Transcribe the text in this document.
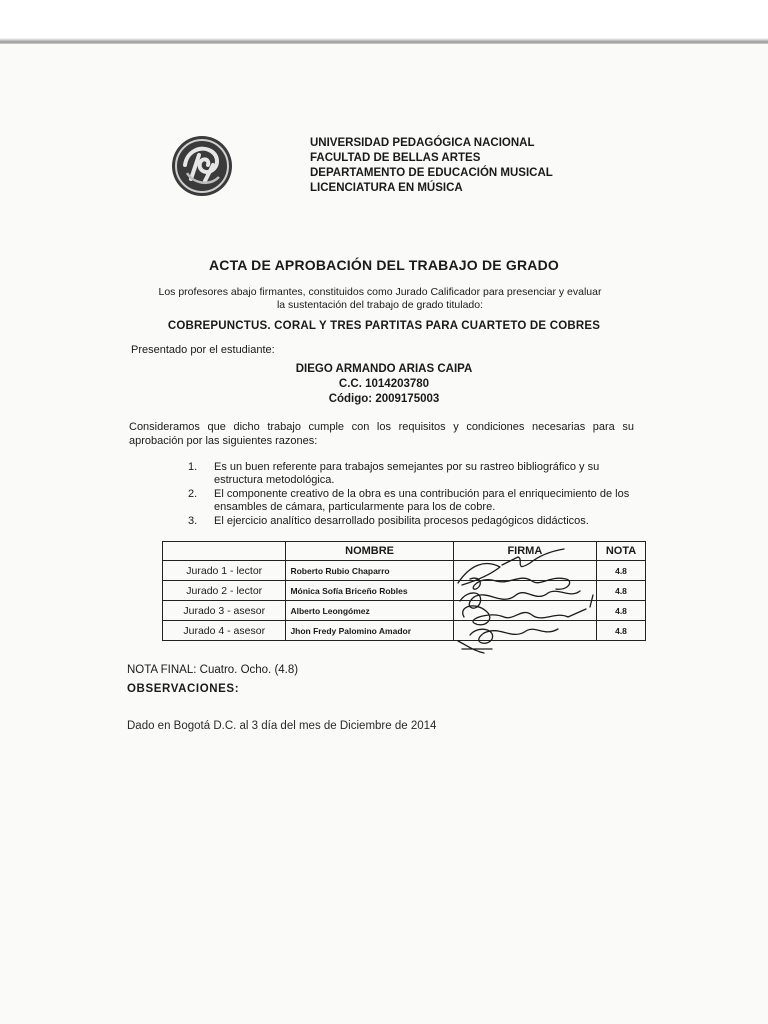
UNIVERSIDAD PEDAGÓGICA NACIONAL
FACULTAD DE BELLAS ARTES
DEPARTAMENTO DE EDUCACIÓN MUSICAL
LICENCIATURA EN MÚSICA
ACTA DE APROBACIÓN DEL TRABAJO DE GRADO
Los profesores abajo firmantes, constituidos como Jurado Calificador para presenciar y evaluar
la sustentación del trabajo de grado titulado:
COBREPUNCTUS. CORAL Y TRES PARTITAS PARA CUARTETO DE COBRES
Presentado por el estudiante:
DIEGO ARMANDO ARIAS CAIPA
C.C. 1014203780
Código: 2009175003
Consideramos que dicho trabajo cumple con los requisitos y condiciones necesarias para su aprobación por las siguientes razones:
1.	Es un buen referente para trabajos semejantes por su rastreo bibliográfico y su estructura metodológica.
2.	El componente creativo de la obra es una contribución para el enriquecimiento de los ensambles de cámara, particularmente para los de cobre.
3.	El ejercicio analítico desarrollado posibilita procesos pedagógicos didácticos.
	NOMBRE	FIRMA	NOTA
Jurado 1 - lector	Roberto Rubio Chaparro		4.8
Jurado 2 - lector	Mónica Sofía Briceño Robles		4.8
Jurado 3 - asesor	Alberto Leongómez		4.8
Jurado 4 - asesor	Jhon Fredy Palomino Amador		4.8
NOTA FINAL: Cuatro. Ocho. (4.8)
OBSERVACIONES:
Dado en Bogotá D.C. al 3 día del mes de Diciembre de 2014
